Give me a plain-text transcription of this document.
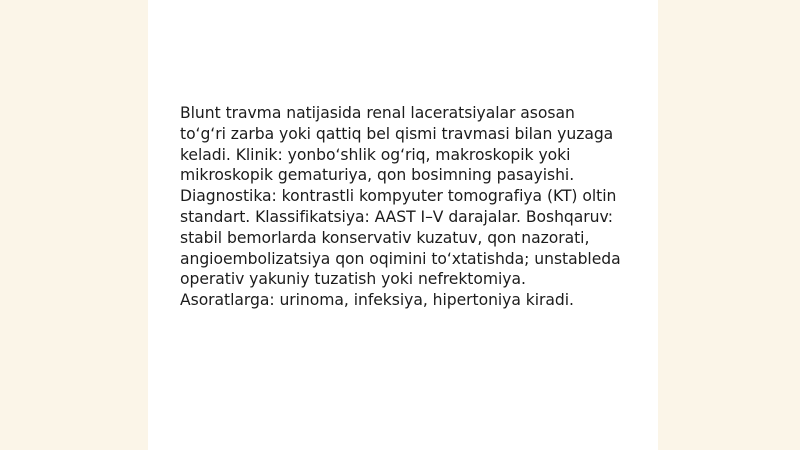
Blunt travma natijasida renal laceratsiyalar asosan to‘g‘ri zarba yoki qattiq bel qismi travmasi bilan yuzaga keladi. Klinik: yonbo‘shlik og‘riq, makroskopik yoki mikroskopik gematuriya, qon bosimning pasayishi. Diagnostika: kontrastli kompyuter tomografiya (KT) oltin standart. Klassifikatsiya: AAST I–V darajalar. Boshqaruv: stabil bemorlarda konservativ kuzatuv, qon nazorati, angioembolizatsiya qon oqimini to‘xtatishda; unstableda operativ yakuniy tuzatish yoki nefrektomiya. Asoratlarga: urinoma, infeksiya, hipertoniya kiradi.
